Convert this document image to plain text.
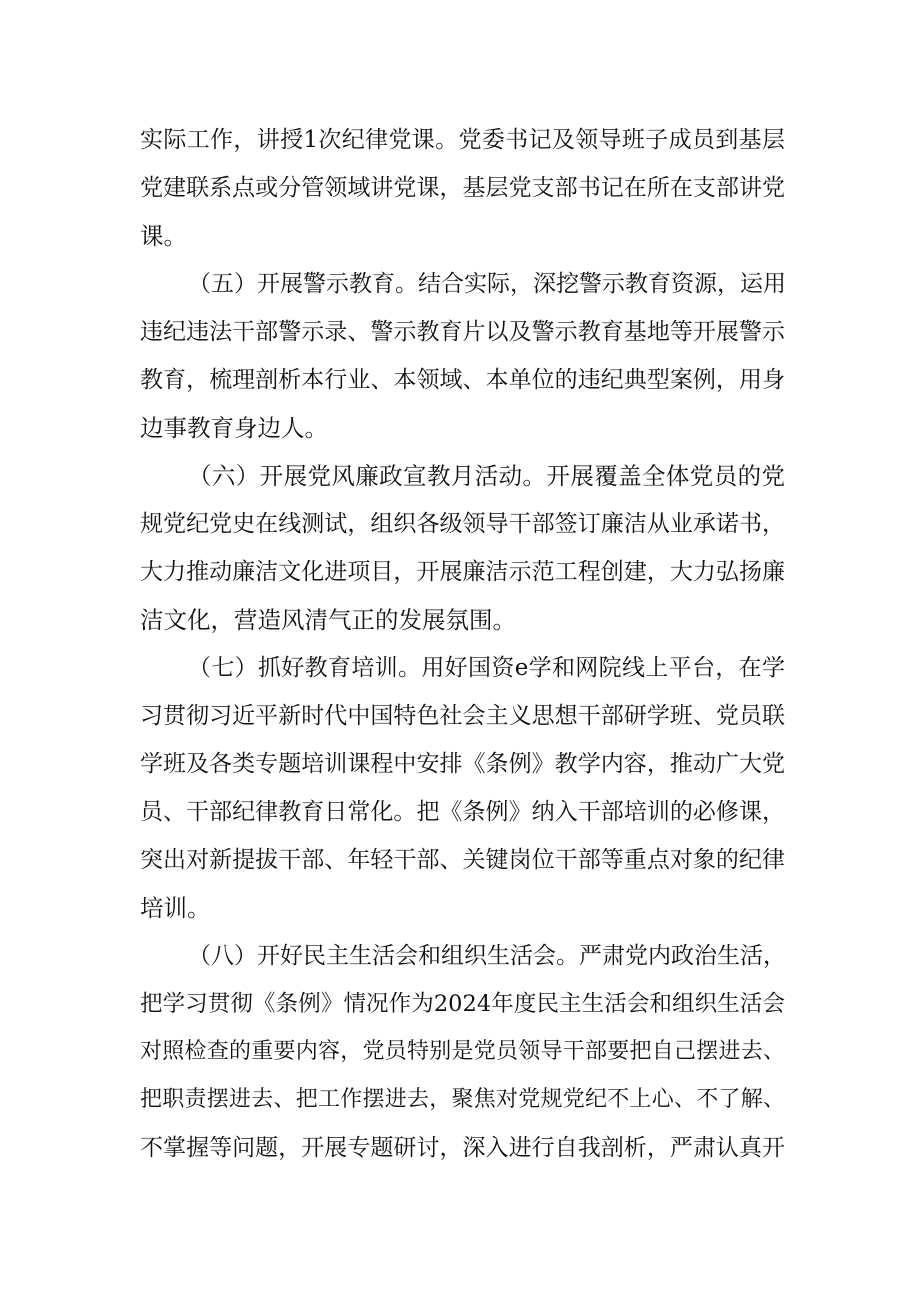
实际工作，讲授1次纪律党课。党委书记及领导班子成员到基层
党建联系点或分管领域讲党课，基层党支部书记在所在支部讲党
课。
（五）开展警示教育。结合实际，深挖警示教育资源，运用
违纪违法干部警示录、警示教育片以及警示教育基地等开展警示
教育，梳理剖析本行业、本领域、本单位的违纪典型案例，用身
边事教育身边人。
（六）开展党风廉政宣教月活动。开展覆盖全体党员的党
规党纪党史在线测试，组织各级领导干部签订廉洁从业承诺书，
大力推动廉洁文化进项目，开展廉洁示范工程创建，大力弘扬廉
洁文化，营造风清气正的发展氛围。
（七）抓好教育培训。用好国资e学和网院线上平台，在学
习贯彻习近平新时代中国特色社会主义思想干部研学班、党员联
学班及各类专题培训课程中安排《条例》教学内容，推动广大党
员、干部纪律教育日常化。把《条例》纳入干部培训的必修课，
突出对新提拔干部、年轻干部、关键岗位干部等重点对象的纪律
培训。
（八）开好民主生活会和组织生活会。严肃党内政治生活，
把学习贯彻《条例》情况作为2024年度民主生活会和组织生活会
对照检查的重要内容，党员特别是党员领导干部要把自己摆进去、
把职责摆进去、把工作摆进去，聚焦对党规党纪不上心、不了解、
不掌握等问题，开展专题研讨，深入进行自我剖析，严肃认真开
